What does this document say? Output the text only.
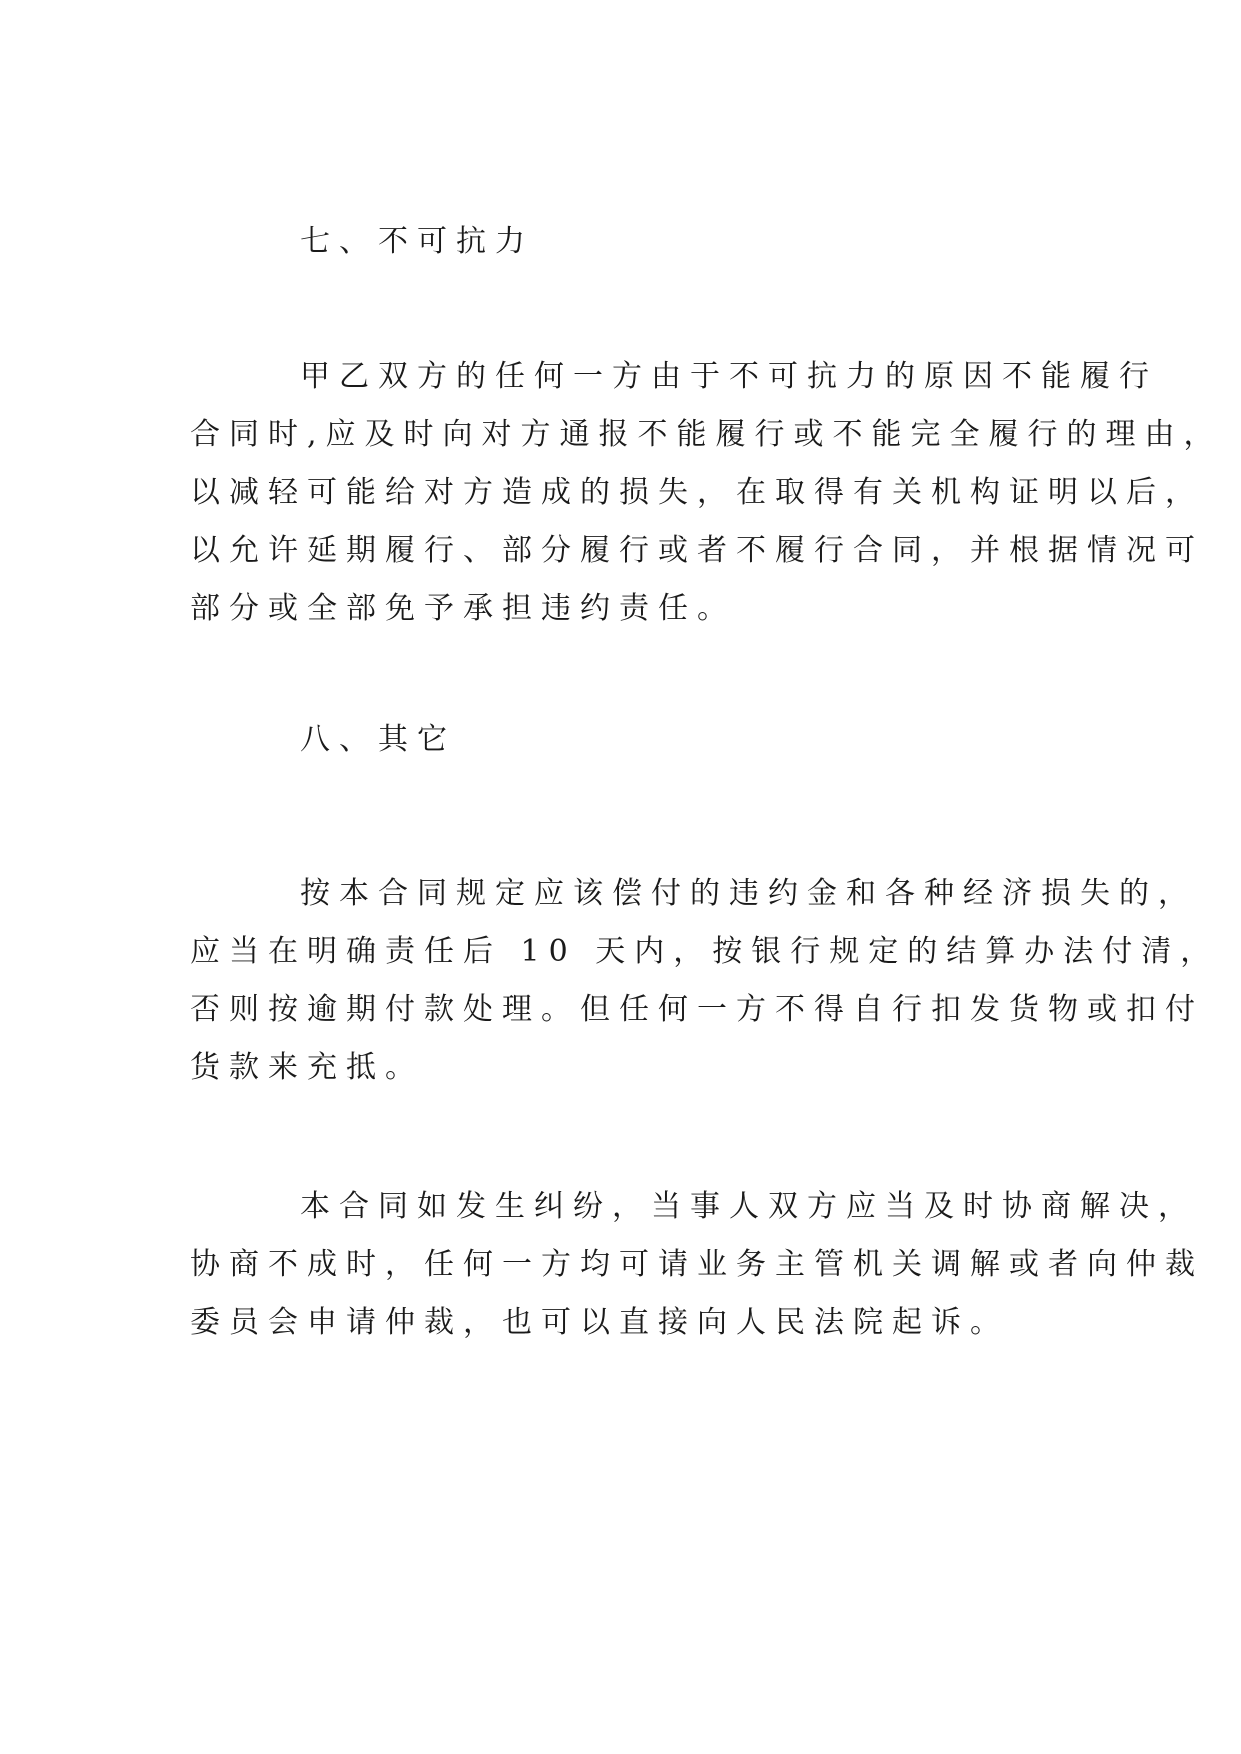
七、不可抗力
甲乙双方的任何一方由于不可抗力的原因不能履行
合同时,应及时向对方通报不能履行或不能完全履行的理由，
以减轻可能给对方造成的损失，在取得有关机构证明以后，
以允许延期履行、部分履行或者不履行合同，并根据情况可
部分或全部免予承担违约责任。
八、其它
按本合同规定应该偿付的违约金和各种经济损失的，
应当在明确责任后 10 天内，按银行规定的结算办法付清，
否则按逾期付款处理。但任何一方不得自行扣发货物或扣付
货款来充抵。
本合同如发生纠纷，当事人双方应当及时协商解决，
协商不成时，任何一方均可请业务主管机关调解或者向仲裁
委员会申请仲裁，也可以直接向人民法院起诉。
